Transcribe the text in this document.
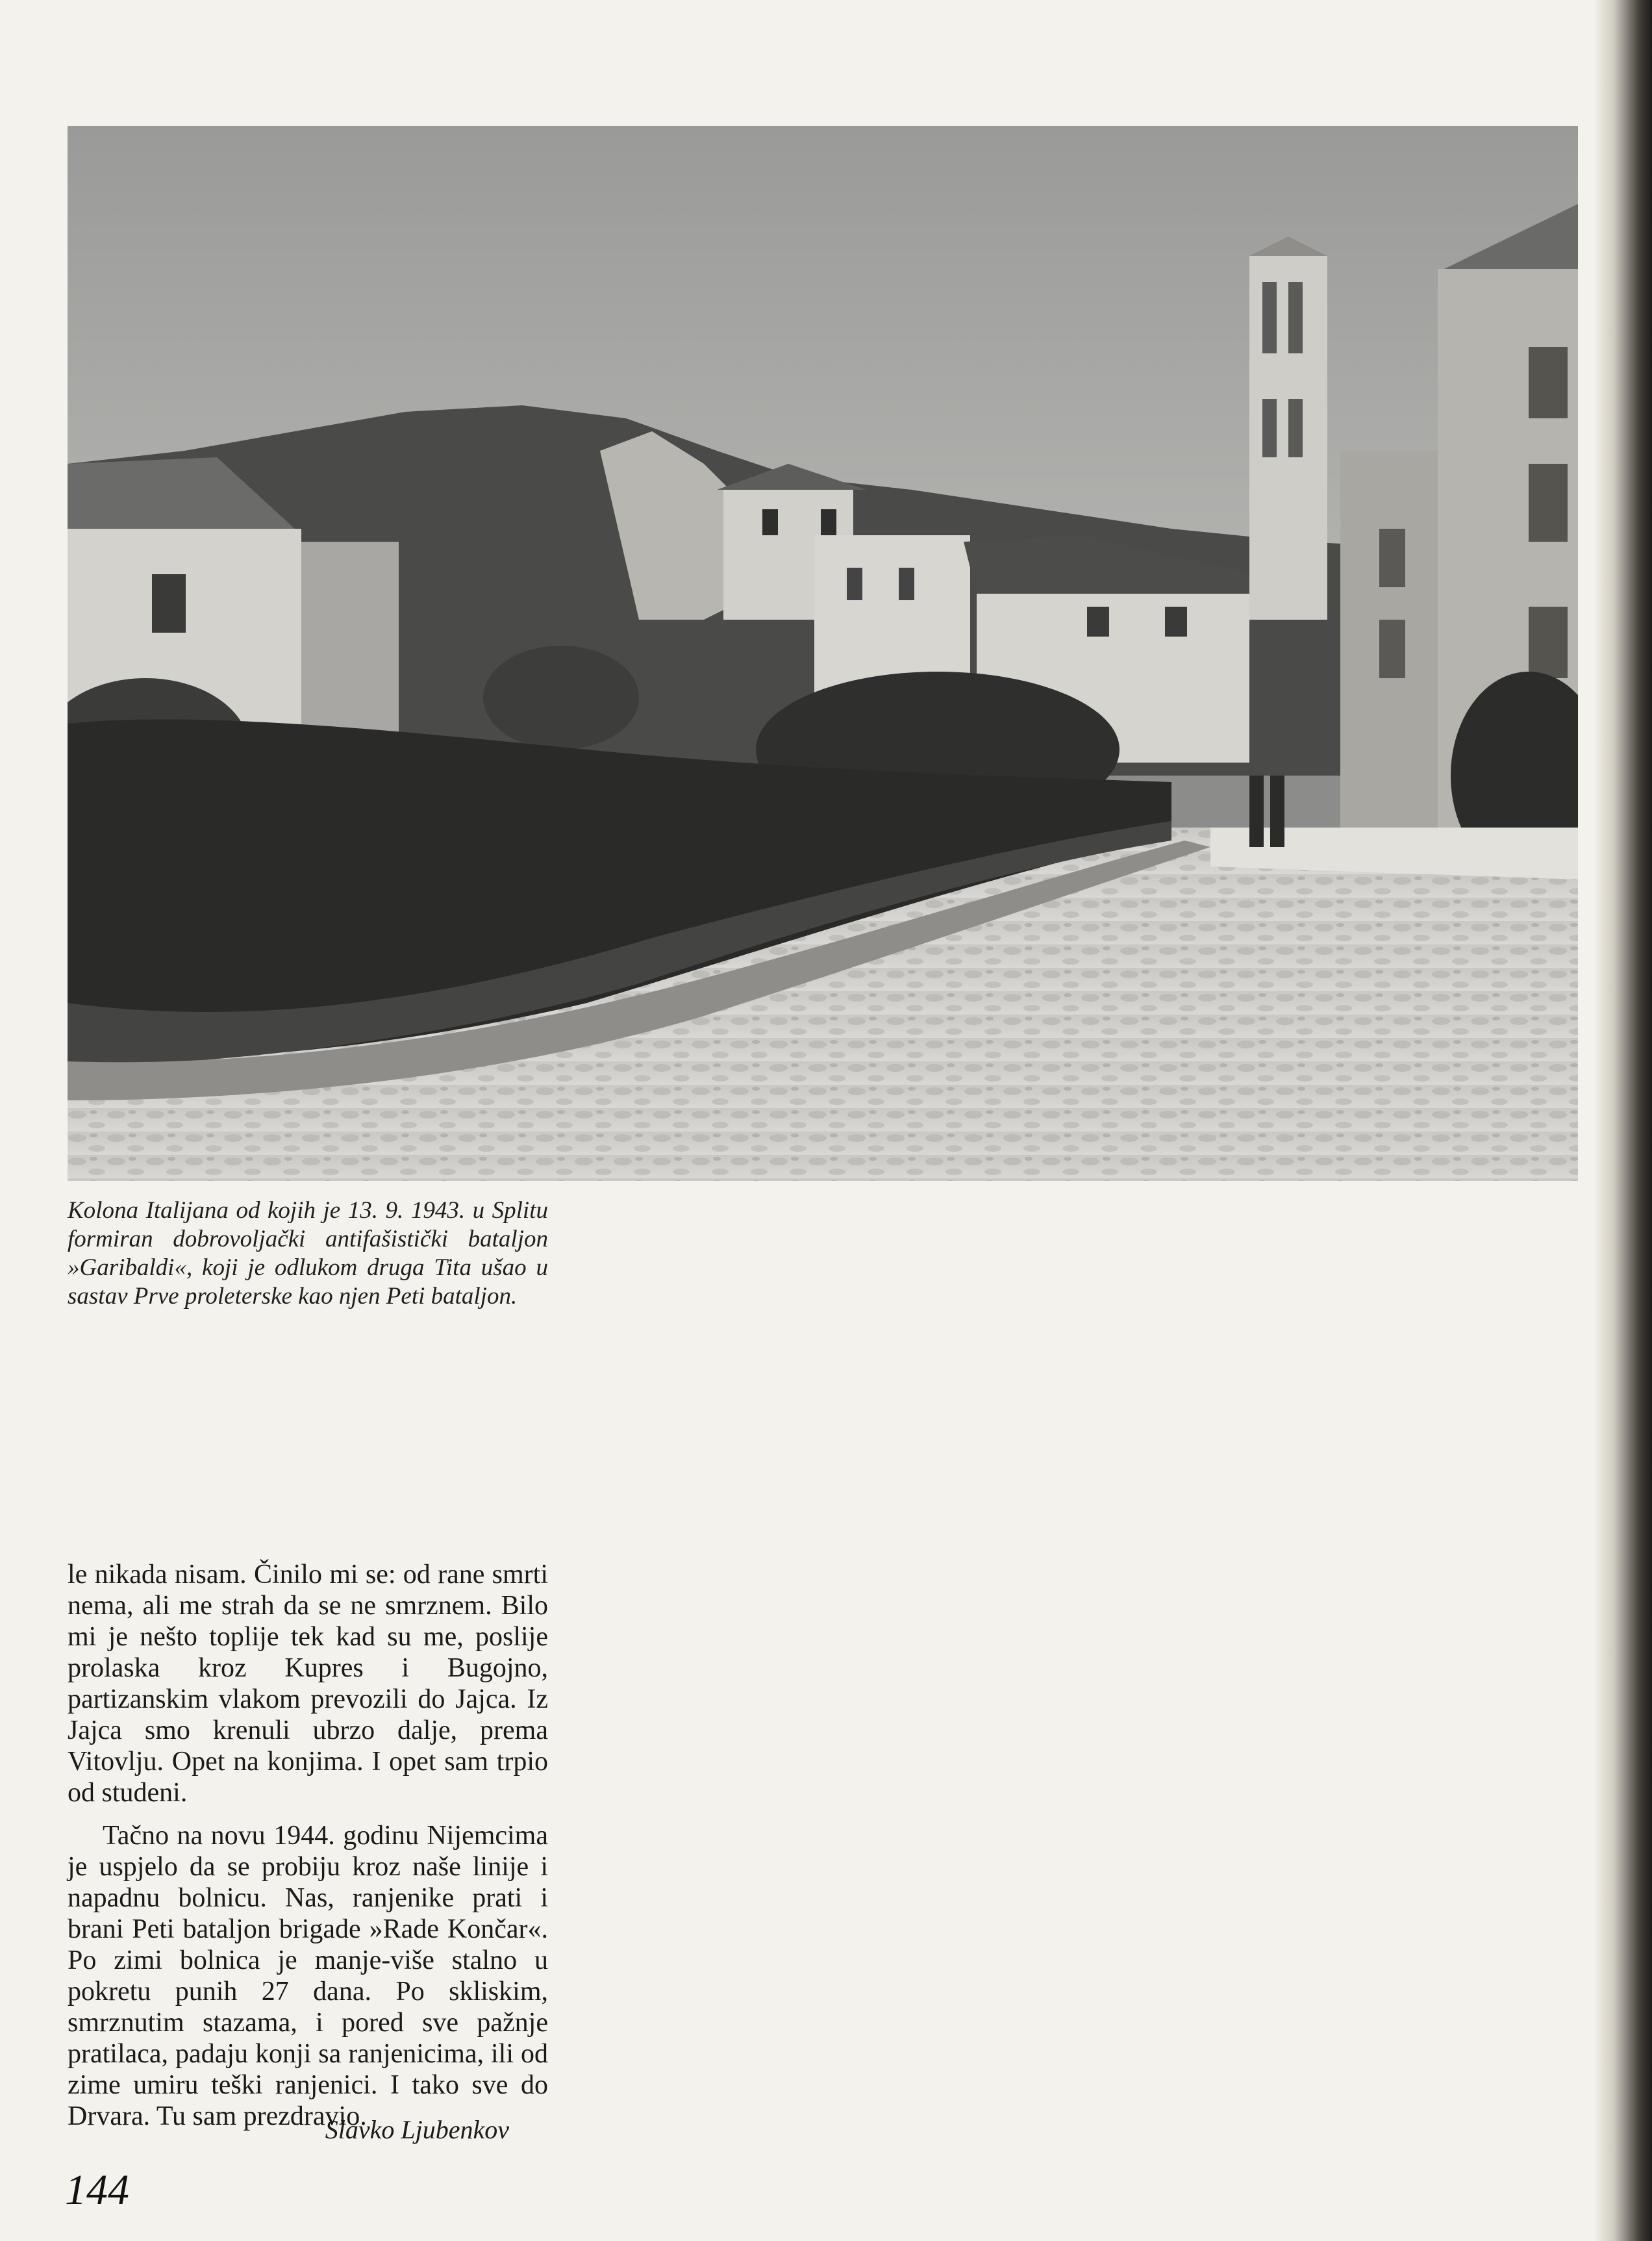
Kolona Italijana od kojih je 13. 9. 1943. u Splitu formiran dobrovoljački antifašistički bataljon »Garibaldi«, koji je odlukom druga Tita ušao u sastav Prve proleterske kao njen Peti bataljon.

le nikada nisam. Činilo mi se: od rane smrti nema, ali me strah da se ne smrznem. Bilo mi je nešto toplije tek kad su me, poslije prolaska kroz Kupres i Bugojno, partizanskim vlakom prevozili do Jajca. Iz Jajca smo krenuli ubrzo dalje, prema Vitovlju. Opet na konjima. I opet sam trpio od studeni.

Tačno na novu 1944. godinu Nijemcima je uspjelo da se probiju kroz naše linije i napadnu bolnicu. Nas, ranjenike prati i brani Peti bataljon brigade »Rade Končar«. Po zimi bolnica je manje-više stalno u pokretu punih 27 dana. Po skliskim, smrznutim stazama, i pored sve pažnje pratilaca, padaju konji sa ranjenicima, ili od zime umiru teški ranjenici. I tako sve do Drvara. Tu sam prezdravio.

Slavko Ljubenkov
144
